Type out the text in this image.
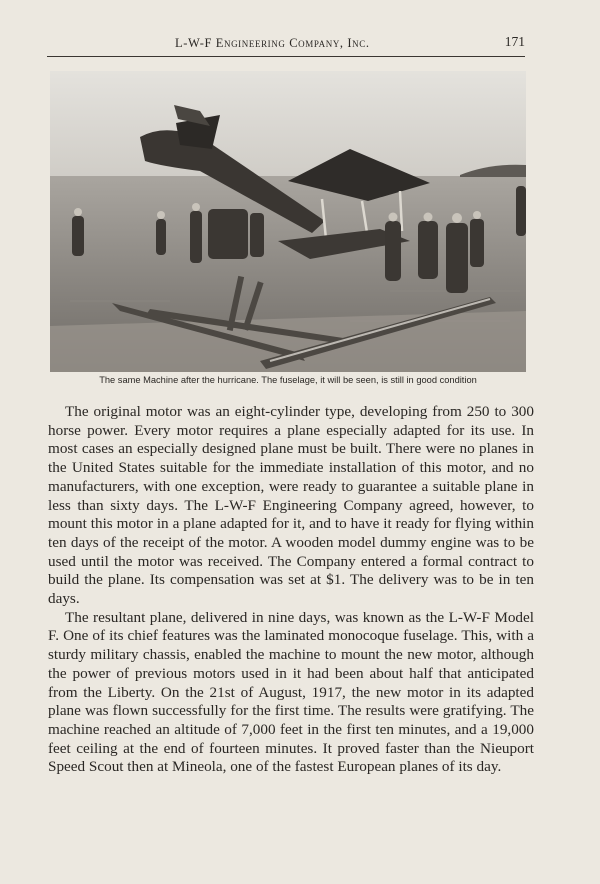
L-W-F Engineering Company, Inc.	171
The same Machine after the hurricane. The fuselage, it will be seen, is still in good condition

The original motor was an eight-cylinder type, developing from 250 to 300 horse power. Every motor requires a plane especially adapted for its use. In most cases an especially designed plane must be built. There were no planes in the United States suitable for the immediate installation of this motor, and no manufacturers, with one exception, were ready to guarantee a suitable plane in less than sixty days. The L-W-F Engineering Company agreed, however, to mount this motor in a plane adapted for it, and to have it ready for flying within ten days of the receipt of the motor. A wooden model dummy engine was to be used until the motor was received. The Company entered a formal contract to build the plane. Its compensation was set at $1. The delivery was to be in ten days.

The resultant plane, delivered in nine days, was known as the L-W-F Model F. One of its chief features was the laminated monocoque fuselage. This, with a sturdy military chassis, enabled the machine to mount the new motor, although the power of previous motors used in it had been about half that anticipated from the Liberty. On the 21st of August, 1917, the new motor in its adapted plane was flown successfully for the first time. The results were gratifying. The machine reached an altitude of 7,000 feet in the first ten minutes, and a 19,000 feet ceiling at the end of fourteen minutes. It proved faster than the Nieuport Speed Scout then at Mineola, one of the fastest European planes of its day.
